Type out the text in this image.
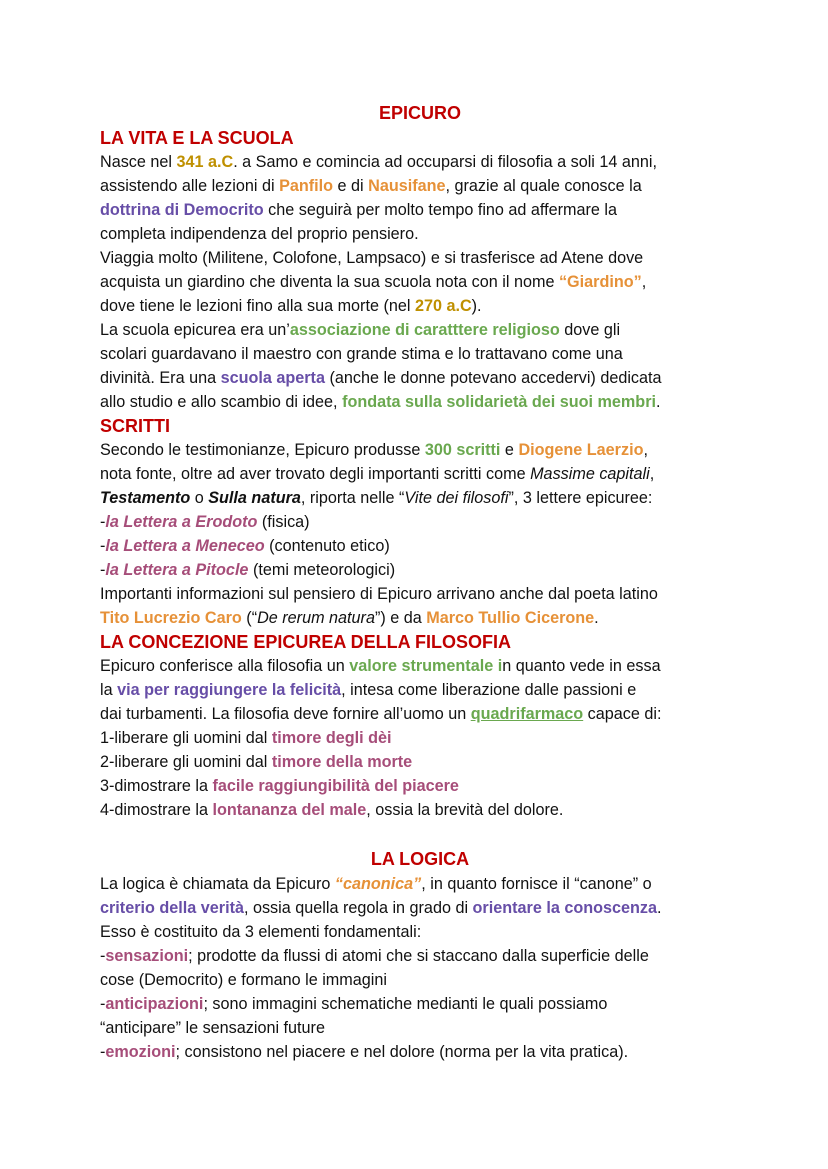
EPICURO
LA VITA E LA SCUOLA
Nasce nel 341 a.C. a Samo e comincia ad occuparsi di filosofia a soli 14 anni,
assistendo alle lezioni di Panfilo e di Nausifane, grazie al quale conosce la
dottrina di Democrito che seguirà per molto tempo fino ad affermare la
completa indipendenza del proprio pensiero.
Viaggia molto (Militene, Colofone, Lampsaco) e si trasferisce ad Atene dove
acquista un giardino che diventa la sua scuola nota con il nome “Giardino”,
dove tiene le lezioni fino alla sua morte (nel 270 a.C).
La scuola epicurea era un’associazione di caratttere religioso dove gli
scolari guardavano il maestro con grande stima e lo trattavano come una
divinità. Era una scuola aperta (anche le donne potevano accedervi) dedicata
allo studio e allo scambio di idee, fondata sulla solidarietà dei suoi membri.
SCRITTI
Secondo le testimonianze, Epicuro produsse 300 scritti e Diogene Laerzio,
nota fonte, oltre ad aver trovato degli importanti scritti come Massime capitali,
Testamento o Sulla natura, riporta nelle “Vite dei filosofi”, 3 lettere epicuree:
-la Lettera a Erodoto (fisica)
-la Lettera a Meneceo (contenuto etico)
-la Lettera a Pitocle (temi meteorologici)
Importanti informazioni sul pensiero di Epicuro arrivano anche dal poeta latino
Tito Lucrezio Caro (“De rerum natura”) e da Marco Tullio Cicerone.
LA CONCEZIONE EPICUREA DELLA FILOSOFIA
Epicuro conferisce alla filosofia un valore strumentale in quanto vede in essa
la via per raggiungere la felicità, intesa come liberazione dalle passioni e
dai turbamenti. La filosofia deve fornire all’uomo un quadrifarmaco capace di:
1-liberare gli uomini dal timore degli dèi
2-liberare gli uomini dal timore della morte
3-dimostrare la facile raggiungibilità del piacere
4-dimostrare la lontananza del male, ossia la brevità del dolore.
LA LOGICA
La logica è chiamata da Epicuro “canonica”, in quanto fornisce il “canone” o
criterio della verità, ossia quella regola in grado di orientare la conoscenza.
Esso è costituito da 3 elementi fondamentali:
-sensazioni; prodotte da flussi di atomi che si staccano dalla superficie delle
cose (Democrito) e formano le immagini
-anticipazioni; sono immagini schematiche medianti le quali possiamo
“anticipare” le sensazioni future
-emozioni; consistono nel piacere e nel dolore (norma per la vita pratica).
